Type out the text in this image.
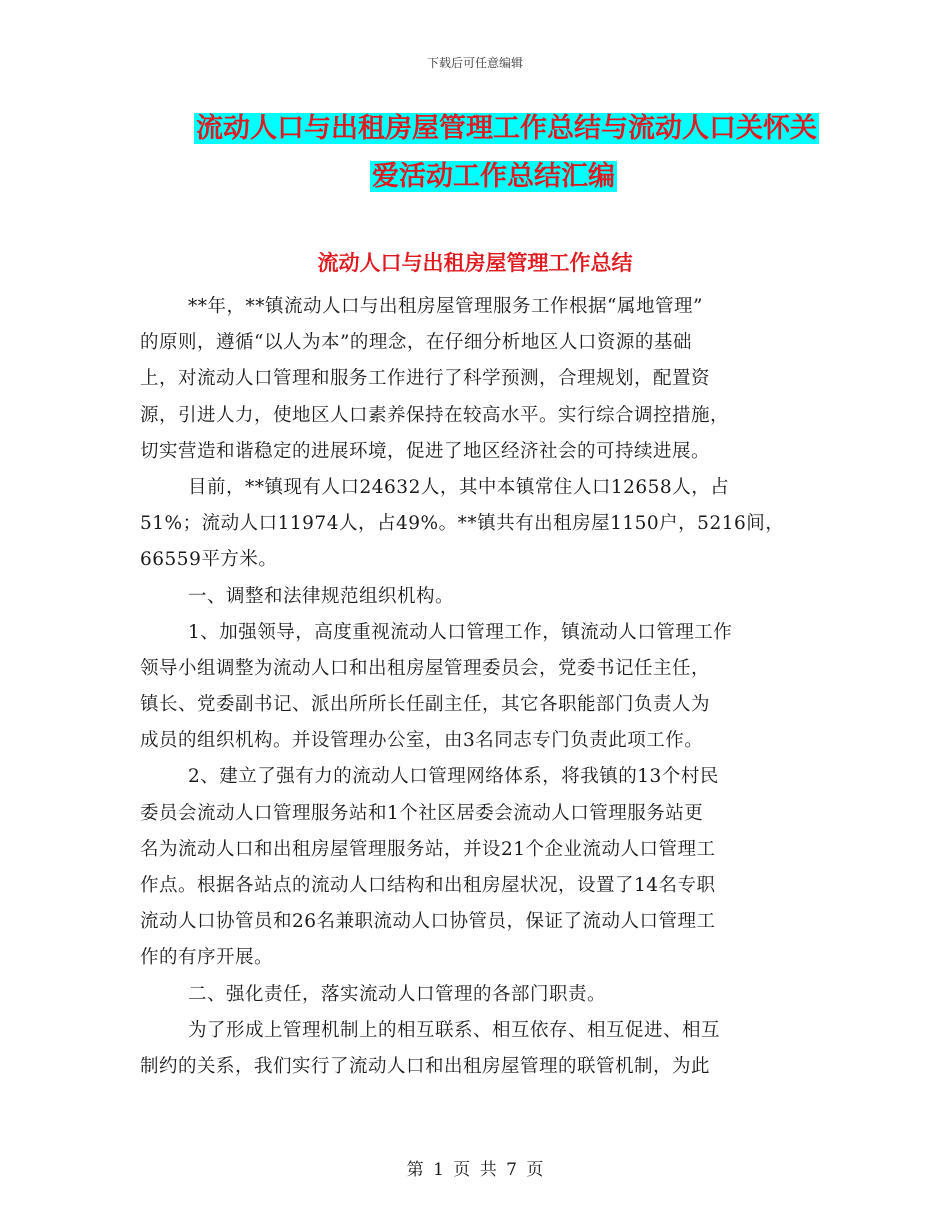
下载后可任意编辑
流动人口与出租房屋管理工作总结与流动人口关怀关
爱活动工作总结汇编
流动人口与出租房屋管理工作总结
**年，**镇流动人口与出租房屋管理服务工作根据“属地管理”
的原则，遵循“以人为本”的理念，在仔细分析地区人口资源的基础
上，对流动人口管理和服务工作进行了科学预测，合理规划，配置资
源，引进人力，使地区人口素养保持在较高水平。实行综合调控措施，
切实营造和谐稳定的进展环境，促进了地区经济社会的可持续进展。
目前，**镇现有人口24632人，其中本镇常住人口12658人，占
51%；流动人口11974人，占49%。**镇共有出租房屋1150户，5216间，
66559平方米。
一、调整和法律规范组织机构。
1、加强领导，高度重视流动人口管理工作，镇流动人口管理工作
领导小组调整为流动人口和出租房屋管理委员会，党委书记任主任，
镇长、党委副书记、派出所所长任副主任，其它各职能部门负责人为
成员的组织机构。并设管理办公室，由3名同志专门负责此项工作。
2、建立了强有力的流动人口管理网络体系，将我镇的13个村民
委员会流动人口管理服务站和1个社区居委会流动人口管理服务站更
名为流动人口和出租房屋管理服务站，并设21个企业流动人口管理工
作点。根据各站点的流动人口结构和出租房屋状况，设置了14名专职
流动人口协管员和26名兼职流动人口协管员，保证了流动人口管理工
作的有序开展。
二、强化责任，落实流动人口管理的各部门职责。
为了形成上管理机制上的相互联系、相互依存、相互促进、相互
制约的关系，我们实行了流动人口和出租房屋管理的联管机制，为此
第 1 页 共 7 页
